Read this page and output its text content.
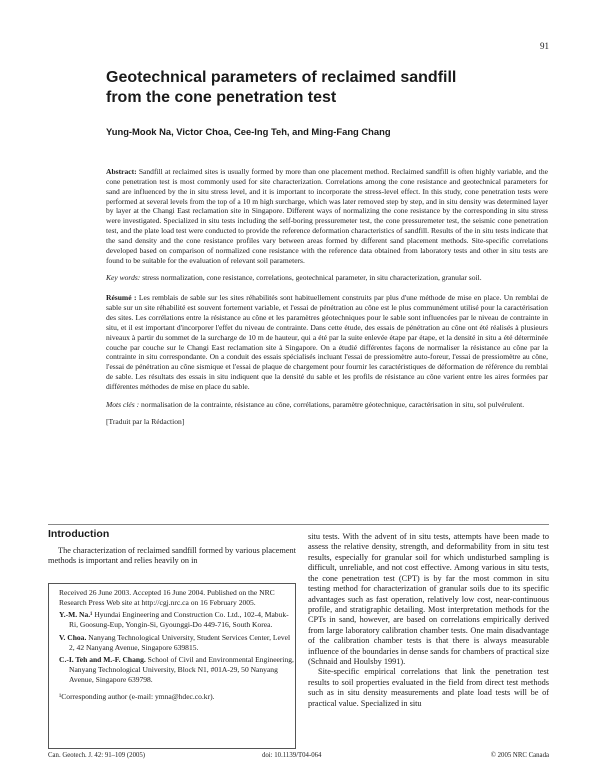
91
Geotechnical parameters of reclaimed sandfill
from the cone penetration test
Yung-Mook Na, Victor Choa, Cee-Ing Teh, and Ming-Fang Chang

Abstract: Sandfill at reclaimed sites is usually formed by more than one placement method. Reclaimed sandfill is often highly variable, and the cone penetration test is most commonly used for site characterization. Correlations among the cone resistance and geotechnical parameters for sand are influenced by the in situ stress level, and it is important to incorporate the stress-level effect. In this study, cone penetration tests were performed at several levels from the top of a 10 m high surcharge, which was later removed step by step, and in situ density was determined layer by layer at the Changi East reclamation site in Singapore. Different ways of normalizing the cone resistance by the corresponding in situ stress were investigated. Specialized in situ tests including the self-boring pressuremeter test, the cone pressuremeter test, the seismic cone penetration test, and the plate load test were conducted to provide the reference deformation characteristics of sandfill. Results of the in situ tests indicate that the sand density and the cone resistance profiles vary between areas formed by different sand placement methods. Site-specific correlations developed based on comparison of normalized cone resistance with the reference data obtained from laboratory tests and other in situ tests are found to be suitable for the evaluation of relevant soil parameters.

Key words: stress normalization, cone resistance, correlations, geotechnical parameter, in situ characterization, granular soil.

Résumé : Les remblais de sable sur les sites réhabilités sont habituellement construits par plus d'une méthode de mise en place. Un remblai de sable sur un site réhabilité est souvent fortement variable, et l'essai de pénétration au cône est le plus communément utilisé pour la caractérisation des sites. Les corrélations entre la résistance au cône et les paramètres géotechniques pour le sable sont influencées par le niveau de contrainte in situ, et il est important d'incorporer l'effet du niveau de contrainte. Dans cette étude, des essais de pénétration au cône ont été réalisés à plusieurs niveaux à partir du sommet de la surcharge de 10 m de hauteur, qui a été par la suite enlevée étape par étape, et la densité in situ a été déterminée couche par couche sur le Changi East reclamation site à Singapore. On a étudié différentes façons de normaliser la résistance au cône par la contrainte in situ correspondante. On a conduit des essais spécialisés incluant l'essai de pressiomètre auto-foreur, l'essai de pressiomètre au cône, l'essai de pénétration au cône sismique et l'essai de plaque de chargement pour fournir les caractéristiques de déformation de référence du remblai de sable. Les résultats des essais in situ indiquent que la densité du sable et les profils de résistance au cône varient entre les aires formées par différentes méthodes de mise en place du sable.

Mots clés : normalisation de la contrainte, résistance au cône, corrélations, paramètre géotechnique, caractérisation in situ, sol pulvérulent.

[Traduit par la Rédaction]

Introduction

The characterization of reclaimed sandfill formed by various placement methods is important and relies heavily on in

Received 26 June 2003. Accepted 16 June 2004. Published on the NRC Research Press Web site at http://cgj.nrc.ca on 16 February 2005.

Y.-M. Na.¹ Hyundai Engineering and Construction Co. Ltd., 102-4, Mabuk-Ri, Goosung-Eup, Yongin-Si, Gyounggi-Do 449-716, South Korea.

V. Choa. Nanyang Technological University, Student Services Center, Level 2, 42 Nanyang Avenue, Singapore 639815.

C.-I. Teh and M.-F. Chang. School of Civil and Environmental Engineering, Nanyang Technological University, Block N1, #01A-29, 50 Nanyang Avenue, Singapore 639798.

¹Corresponding author (e-mail: ymna@hdec.co.kr).

situ tests. With the advent of in situ tests, attempts have been made to assess the relative density, strength, and deformability from in situ test results, especially for granular soil for which undisturbed sampling is difficult, unreliable, and not cost effective. Among various in situ tests, the cone penetration test (CPT) is by far the most common in situ testing method for characterization of granular soils due to its specific advantages such as fast operation, relatively low cost, near-continuous profile, and stratigraphic detailing. Most interpretation methods for the CPTs in sand, however, are based on correlations empirically derived from large laboratory calibration chamber tests. One main disadvantage of the calibration chamber tests is that there is always measurable influence of the boundaries in dense sands for chambers of practical size (Schnaid and Houlsby 1991).

Site-specific empirical correlations that link the penetration test results to soil properties evaluated in the field from direct test methods such as in situ density measurements and plate load tests will be of practical value. Specialized in situ

Can. Geotech. J. 42: 91–109 (2005)	doi: 10.1139/T04-064	© 2005 NRC Canada
